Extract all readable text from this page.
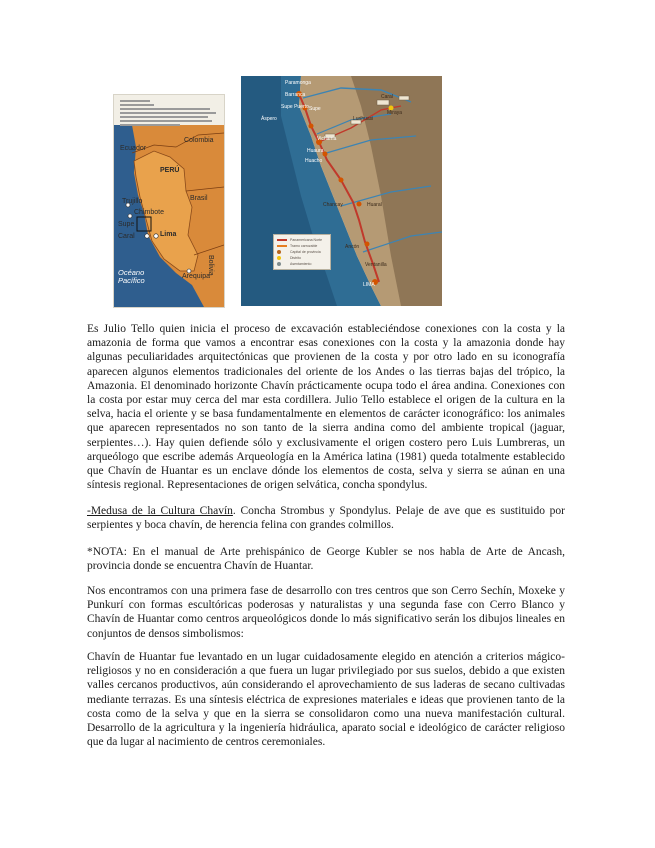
Ecuador
Colombia
PERÚ
Trujillo
Chimbote
Brasil
Supe
Caral	Lima
Arequipa
Bolivia
Océano
Pacífico
Paramonga
Barranca
Supe Puerto Supe
Áspero
Caral
Miraya
Lurihuasi
Vichama
Huaura
Huacho
Chancay	Huaral
Ancón
Ventanilla
LIMA
Panamericana Norte
Tramo carrozable
Capital de provincia
Distrito
Asentamiento

Es Julio Tello quien inicia el proceso de excavación estableciéndose conexiones con la costa y la amazonia de forma que vamos a encontrar esas conexiones con la costa y la amazonia donde hay algunas peculiaridades arquitectónicas que provienen de la costa y por otro lado en su iconografía aparecen algunos elementos tradicionales del oriente de los Andes o las tierras bajas del trópico, la Amazonia. El denominado horizonte Chavín prácticamente ocupa todo el área andina. Conexiones con la costa por estar muy cerca del mar esta cordillera. Julio Tello establece el origen de la cultura en la selva, hacia el oriente y se basa fundamentalmente en elementos de carácter iconográfico: los animales que aparecen representados no son tanto de la sierra andina como del ambiente tropical (jaguar, serpientes…). Hay quien defiende sólo y exclusivamente el origen costero pero Luis Lumbreras, un arqueólogo que escribe además Arqueología en la América latina (1981) queda totalmente establecido que Chavín de Huantar es un enclave dónde los elementos de costa, selva y sierra se aúnan en una síntesis regional. Representaciones de origen selvática, concha spondylus.

-Medusa de la Cultura Chavín. Concha Strombus y Spondylus. Pelaje de ave que es sustituido por serpientes y boca chavín, de herencia felina con grandes colmillos.

*NOTA: En el manual de Arte prehispánico de George Kubler se nos habla de Arte de Ancash, provincia donde se encuentra Chavín de Huantar.

Nos encontramos con una primera fase de desarrollo con tres centros que son Cerro Sechín, Moxeke y Punkurí con formas escultóricas poderosas y naturalistas y una segunda fase con Cerro Blanco y Chavín de Huantar como centros arqueológicos donde lo más significativo serán los dibujos lineales en conjuntos de densos simbolismos:

Chavín de Huantar fue levantado en un lugar cuidadosamente elegido en atención a criterios mágico-religiosos y no en consideración a que fuera un lugar privilegiado por sus suelos, debido a que existen valles cercanos productivos, aún considerando el aprovechamiento de sus laderas de secano cultivadas mediante terrazas. Es una síntesis eléctrica de expresiones materiales e ideas que provienen tanto de la costa como de la selva y que en la sierra se consolidaron como una nueva manifestación cultural. Desarrollo de la agricultura y la ingeniería hidráulica, aparato social e ideológico de carácter religioso que da lugar al nacimiento de centros ceremoniales.
